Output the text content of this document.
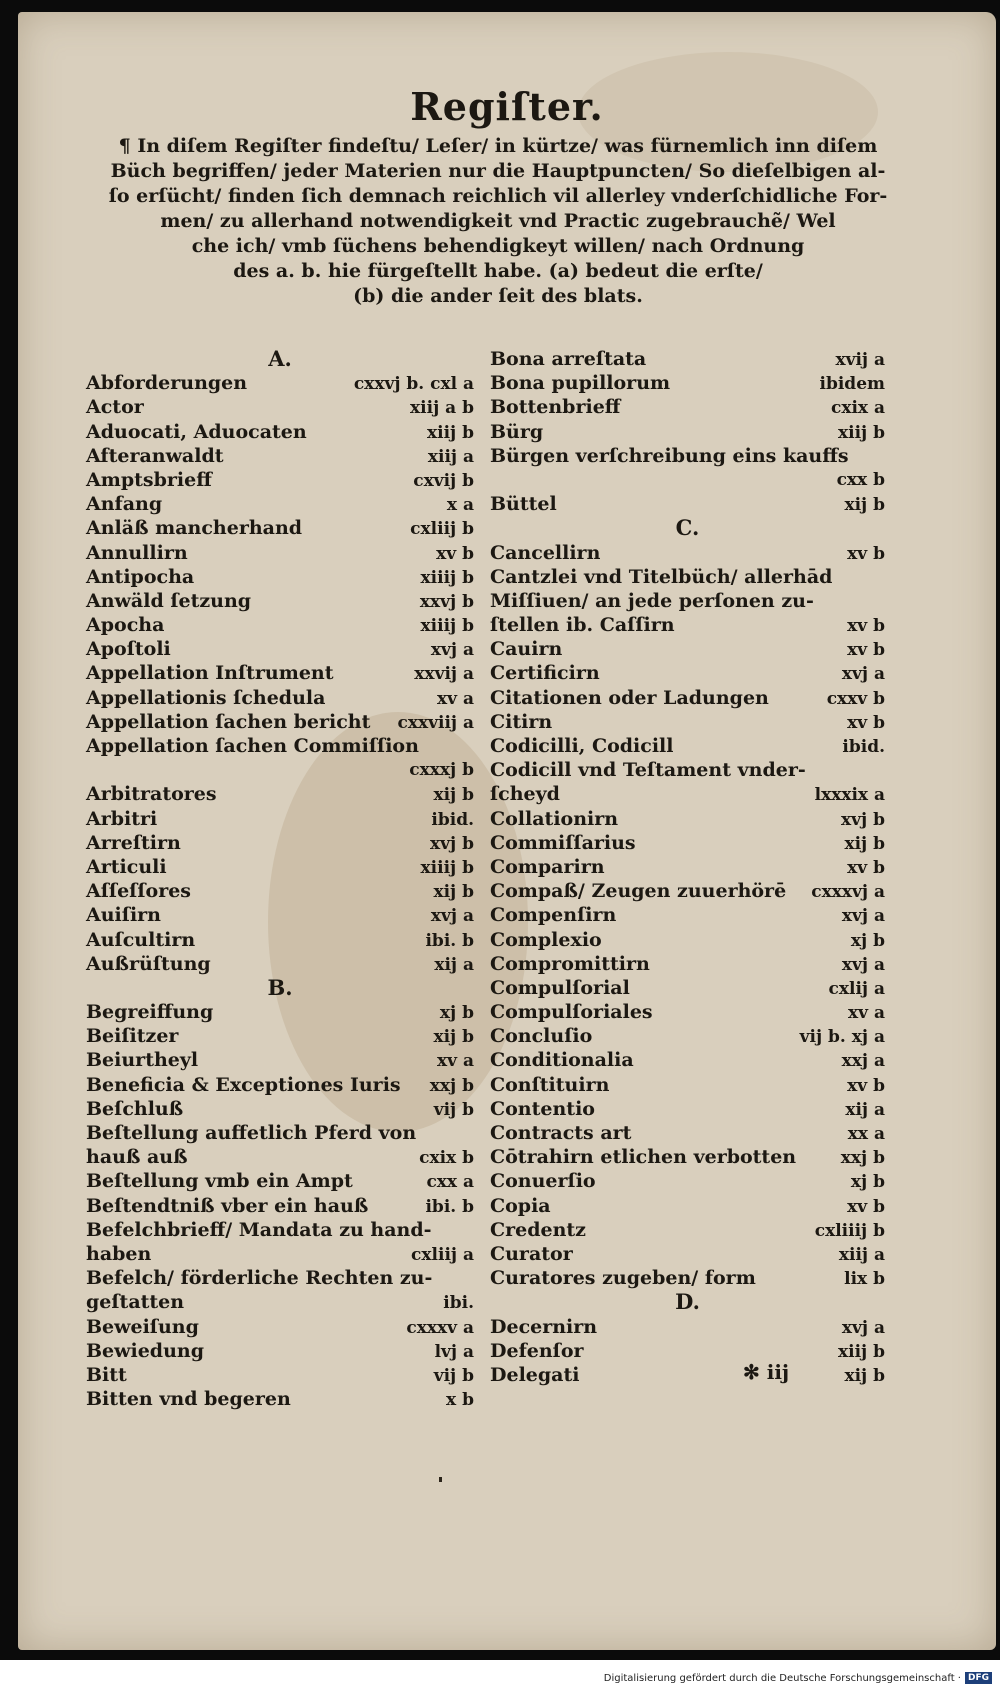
Regiſter.

¶ In diſem Regiſter findeſtu/ Leſer/ in kürtze/ was fürnemlich inn diſem

Büch begriffen/ jeder Materien nur die Hauptpuncten/ So dieſelbigen al-

ſo erſücht/ finden ſich demnach reichlich vil allerley vnderſchidliche For-

men/ zu allerhand notwendigkeit vnd Practic zugebrauchẽ/ Wel

che ich/ vmb ſüchens behendigkeyt willen/ nach Ordnung

des a. b. hie fürgeſtellt habe. (a) bedeut die erſte/

(b) die ander ſeit des blats.

A.
Abforderungen	cxxvj b. cxl a
Actor	xiij a b
Aduocati, Aduocaten	xiij b
Afteranwaldt	xiij a
Amptsbrieff	cxvij b
Anfang	x a
Anläß mancherhand	cxliij b
Annullirn	xv b
Antipocha	xiiij b
Anwäld ſetzung	xxvj b
Apocha	xiiij b
Apoſtoli	xvj a
Appellation Inſtrument	xxvij a
Appellationis ſchedula	xv a
Appellation ſachen bericht	cxxviij a
Appellation ſachen Commiſſion
cxxxj b
Arbitratores	xij b
Arbitri	ibid.
Arreſtirn	xvj b
Articuli	xiiij b
Aſſeſſores	xij b
Auiſirn	xvj a
Auſcultirn	ibi. b
Außrüſtung	xij a
B.
Begreiffung	xj b
Beiſitzer	xij b
Beiurtheyl	xv a
Beneficia & Exceptiones Iuris	xxj b
Beſchluß	vij b
Beſtellung auffetlich Pferd von
hauß auß	cxix b
Beſtellung vmb ein Ampt	cxx a
Beſtendtniß vber ein hauß	ibi. b
Befelchbrieff/ Mandata zu hand-
haben	cxliij a
Befelch/ förderliche Rechten zu-
geſtatten	ibi.
Beweiſung	cxxxv a
Bewiedung	lvj a
Bitt	vij b
Bitten vnd begeren	x b
Bona arreſtata	xvij a
Bona pupillorum	ibidem
Bottenbrieff	cxix a
Bürg	xiij b
Bürgen verſchreibung eins kauffs
cxx b
Büttel	xij b
C.
Cancellirn	xv b
Cantzlei vnd Titelbüch/ allerhād
Miſſiuen/ an jede perſonen zu-
ſtellen ib. Caſſirn	xv b
Cauirn	xv b
Certificirn	xvj a
Citationen oder Ladungen	cxxv b
Citirn	xv b
Codicilli, Codicill	ibid.
Codicill vnd Teſtament vnder-
ſcheyd	lxxxix a
Collationirn	xvj b
Commiſſarius	xij b
Comparirn	xv b
Compaß/ Zeugen zuuerhörē	cxxxvj a
Compenſirn	xvj a
Complexio	xj b
Compromittirn	xvj a
Compulſorial	cxlij a
Compulſoriales	xv a
Concluſio	vij b. xj a
Conditionalia	xxj a
Conſtituirn	xv b
Contentio	xij a
Contracts art	xx a
Cōtrahirn etlichen verbotten	xxj b
Conuerſio	xj b
Copia	xv b
Credentz	cxliiij b
Curator	xiij a
Curatores zugeben/ form	lix b
D.
Decernirn	xvj a
Defenſor	xiij b
Delegati	xij b
✻ iij
Digitalisierung gefördert durch die Deutsche Forschungsgemeinschaft · DFG
